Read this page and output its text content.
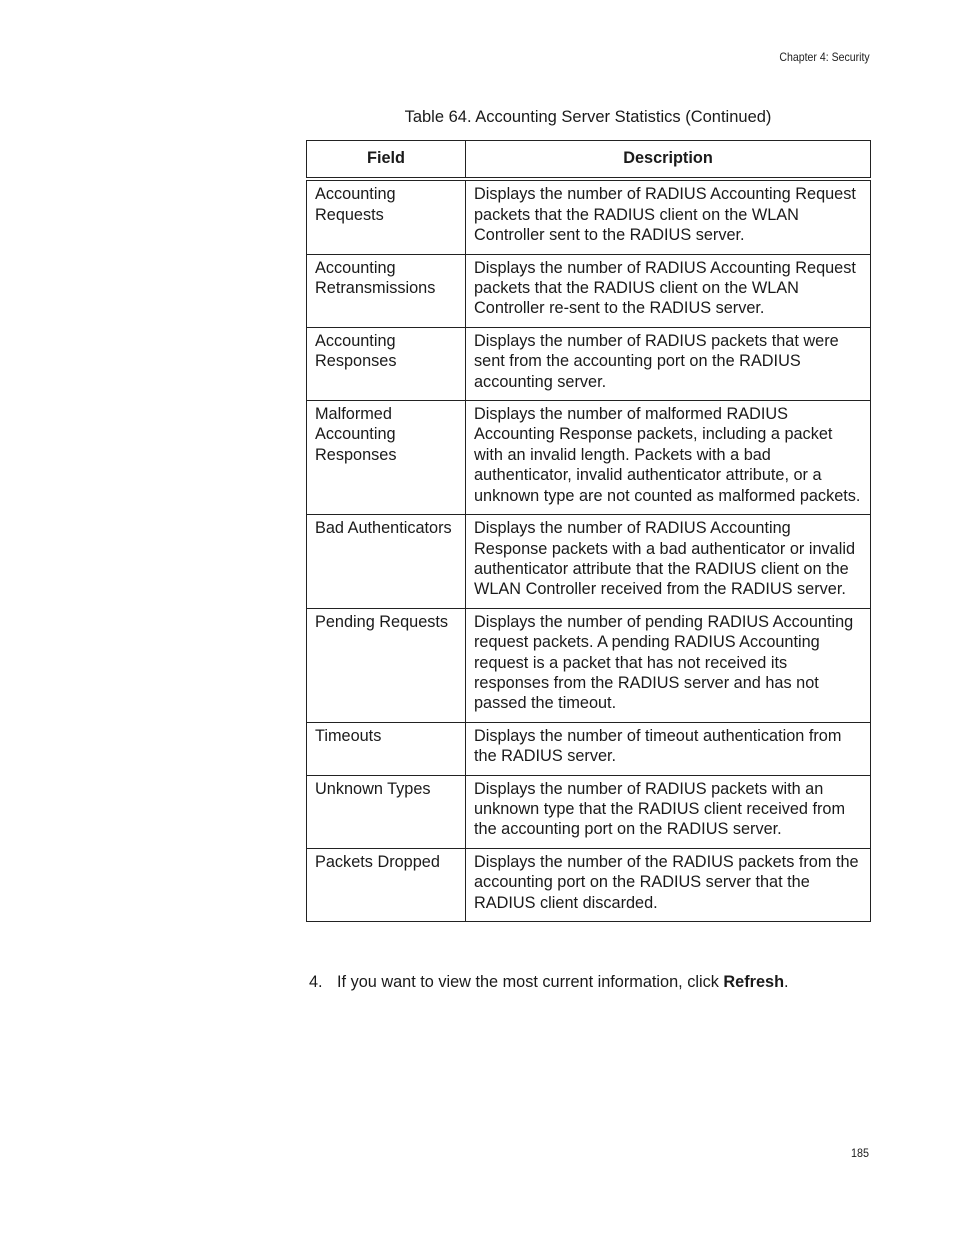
Chapter 4: Security
Table 64. Accounting Server Statistics (Continued)
Field	Description
Accounting Requests	Displays the number of RADIUS Accounting Request packets that the RADIUS client on the WLAN Controller sent to the RADIUS server.
Accounting Retransmissions	Displays the number of RADIUS Accounting Request packets that the RADIUS client on the WLAN Controller re-sent to the RADIUS server.
Accounting Responses	Displays the number of RADIUS packets that were sent from the accounting port on the RADIUS accounting server.
Malformed Accounting Responses	Displays the number of malformed RADIUS Accounting Response packets, including a packet with an invalid length. Packets with a bad authenticator, invalid authenticator attribute, or a unknown type are not counted as malformed packets.
Bad Authenticators	Displays the number of RADIUS Accounting Response packets with a bad authenticator or invalid authenticator attribute that the RADIUS client on the WLAN Controller received from the RADIUS server.
Pending Requests	Displays the number of pending RADIUS Accounting request packets. A pending RADIUS Accounting request is a packet that has not received its responses from the RADIUS server and has not passed the timeout.
Timeouts	Displays the number of timeout authentication from the RADIUS server.
Unknown Types	Displays the number of RADIUS packets with an unknown type that the RADIUS client received from the accounting port on the RADIUS server.
Packets Dropped	Displays the number of the RADIUS packets from the accounting port on the RADIUS server that the RADIUS client discarded.
4. If you want to view the most current information, click Refresh.
185
